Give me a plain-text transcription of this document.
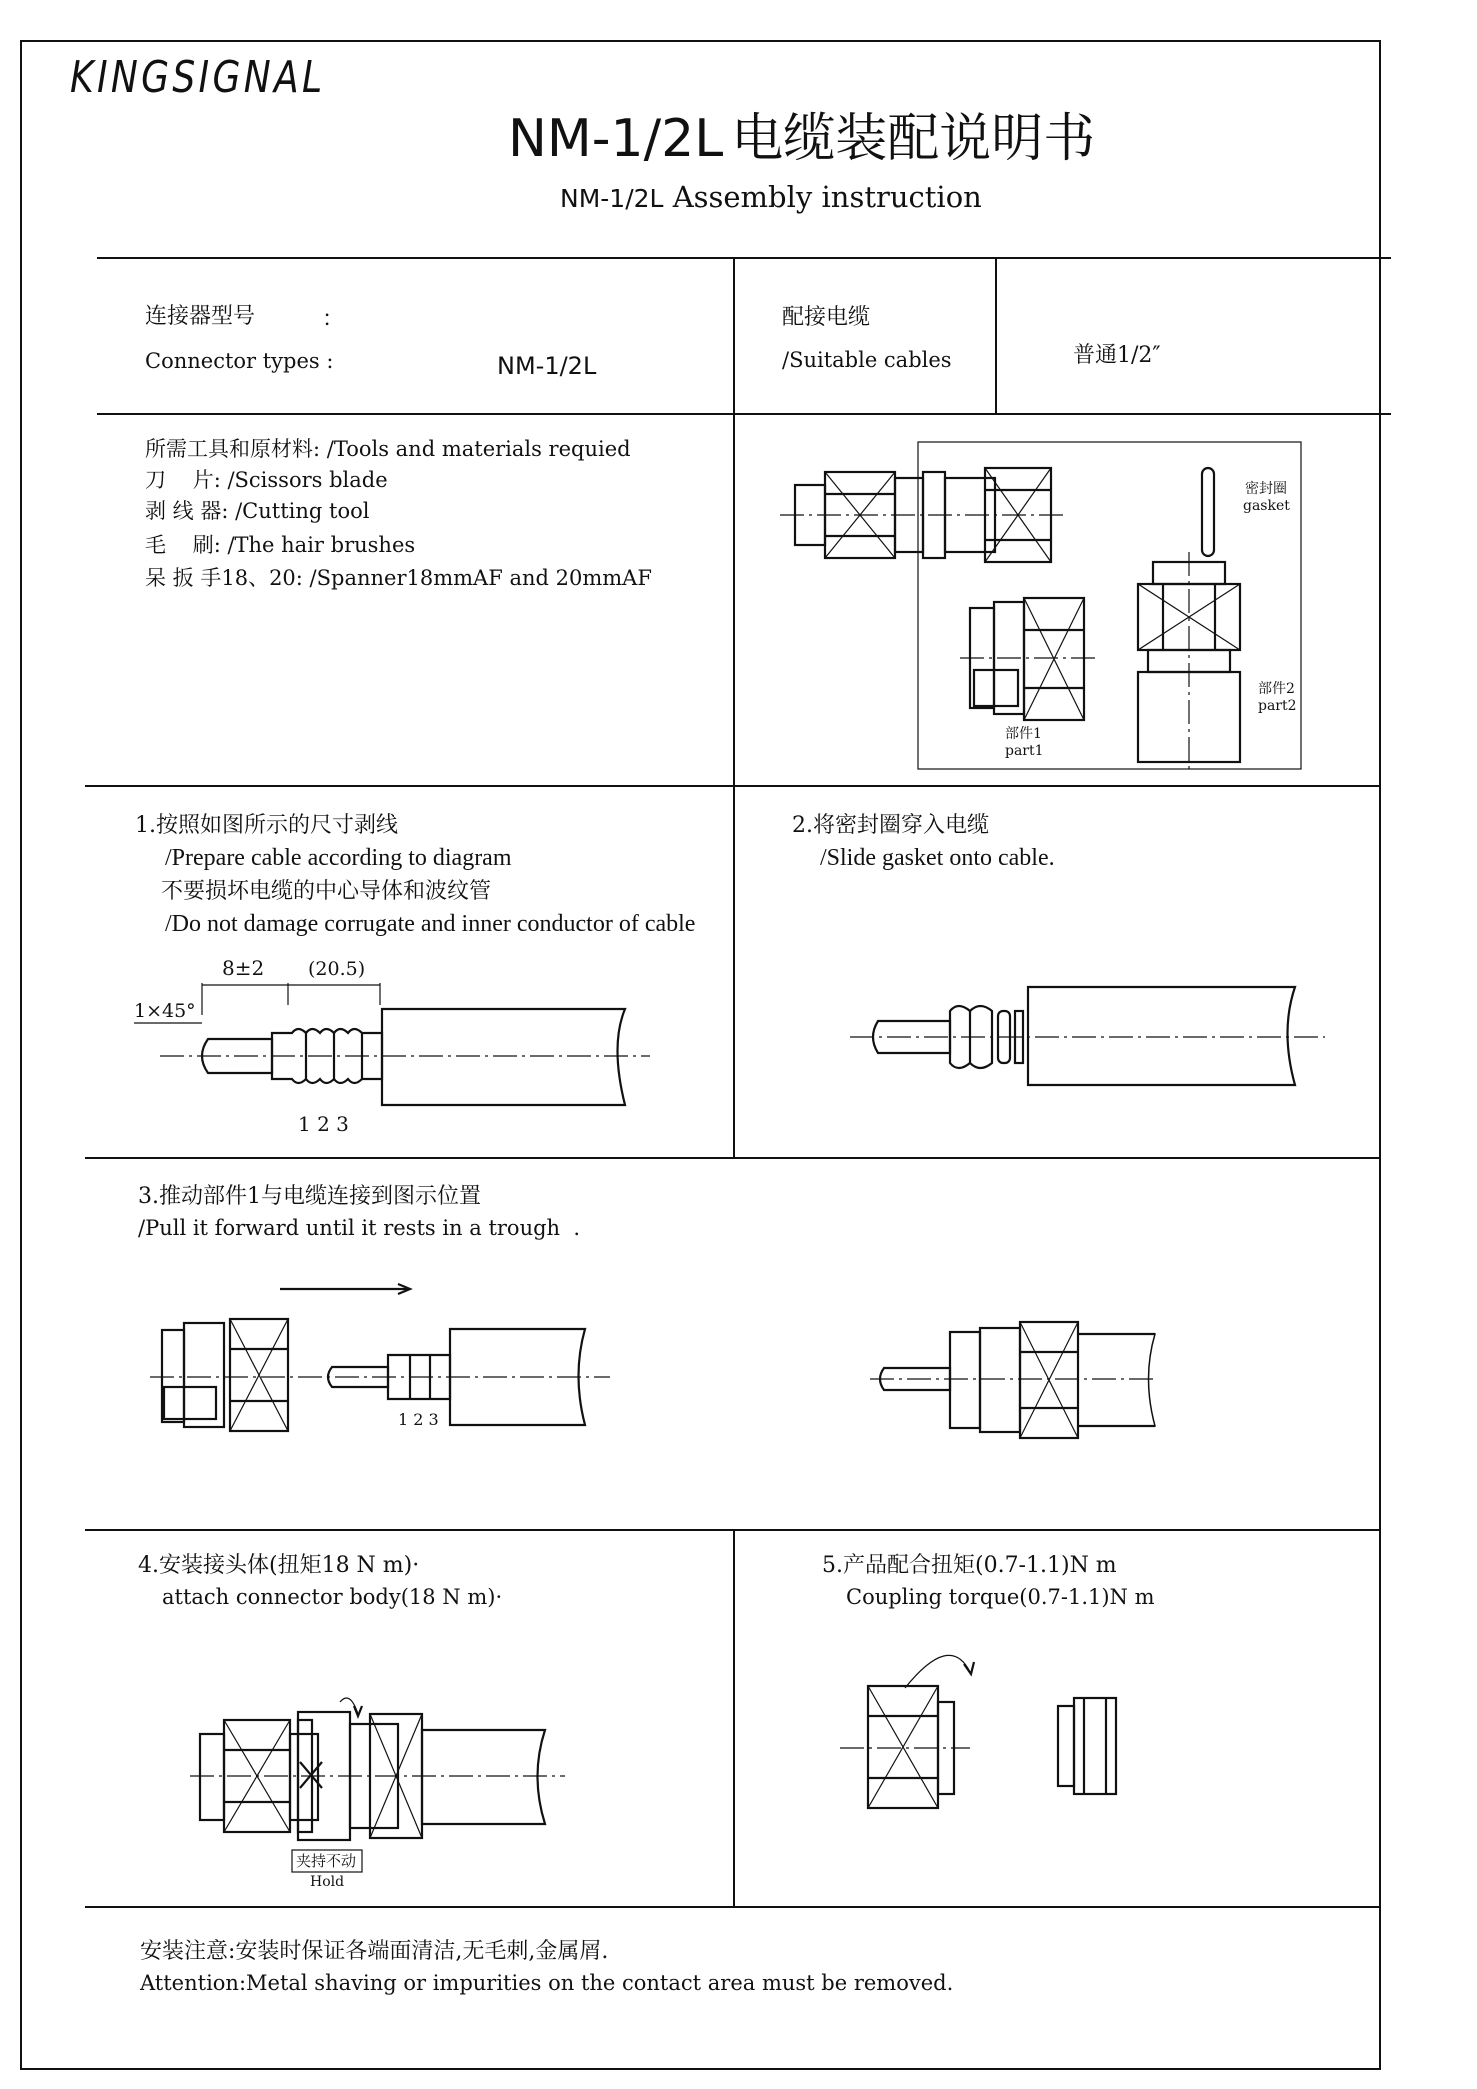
KINGSIGNAL
NM-1/2L 电缆装配说明书
NM-1/2L Assembly instruction
连接器型号	：
Connector types :	NM-1/2L
配接电缆
/Suitable cables	普通1/2″
所需工具和原材料: /Tools and materials requied
刀    片: /Scissors blade
剥 线 器: /Cutting tool
毛    刷: /The hair brushes
呆 扳 手18、20: /Spanner18mmAF and 20mmAF
密封圈
gasket
部件1
part1
部件2
part2
1.按照如图所示的尺寸剥线
/Prepare cable according to diagram
不要损坏电缆的中心导体和波纹管
/Do not damage corrugate and inner conductor of cable
8±2 (20.5)
1×45°
1 2 3
2.将密封圈穿入电缆
/Slide gasket onto cable.
3.推动部件1与电缆连接到图示位置
/Pull it forward until it rests in a trough  .
1 2 3
4.安装接头体(扭矩18 N m)·
attach connector body(18 N m)·
夹持不动
Hold
5.产品配合扭矩(0.7-1.1)N m
Coupling torque(0.7-1.1)N m
安装注意:安装时保证各端面清洁,无毛刺,金属屑.
Attention:Metal shaving or impurities on the contact area must be removed.
